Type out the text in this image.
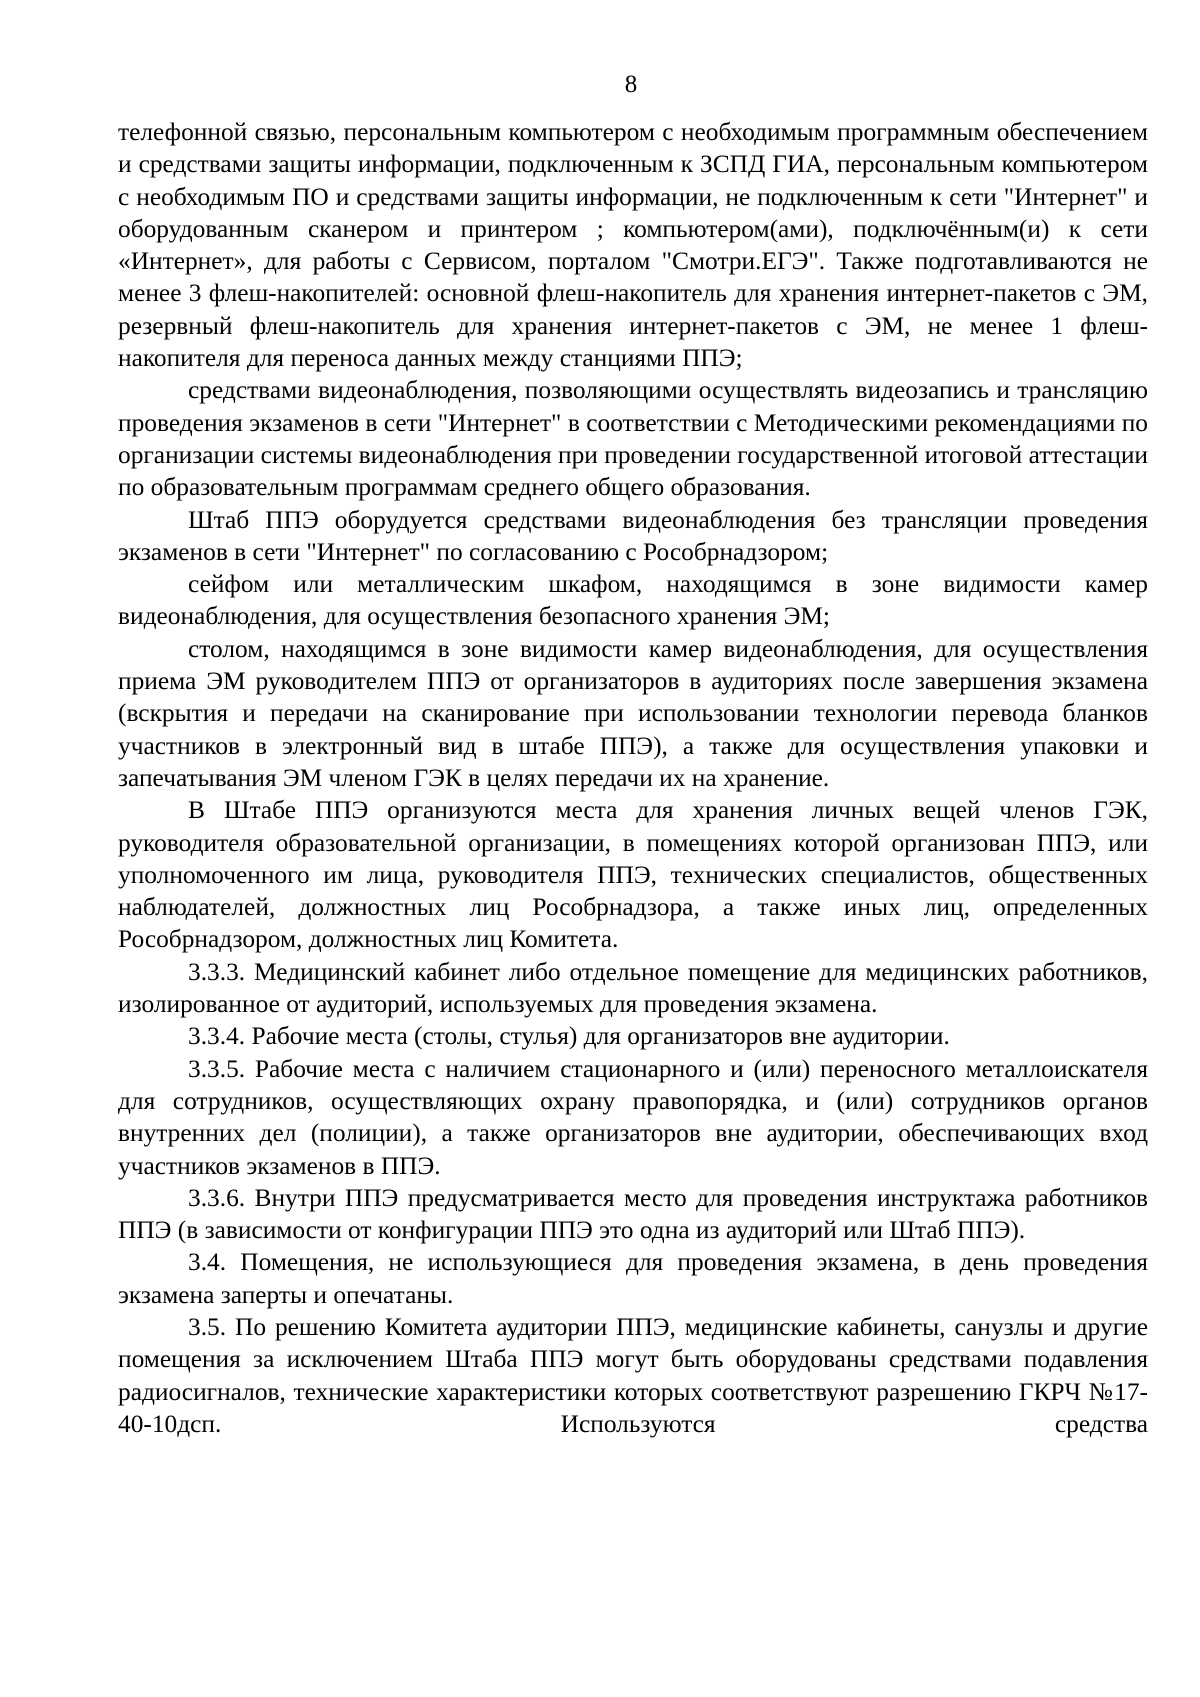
8

телефонной связью, персональным компьютером с необходимым программным обеспечением и средствами защиты информации, подключенным к ЗСПД ГИА, персональным компьютером с необходимым ПО и средствами защиты информации, не подключенным к сети "Интернет" и оборудованным сканером и принтером ; компьютером(ами), подключённым(и) к сети «Интернет», для работы с Сервисом, порталом "Смотри.ЕГЭ". Также подготавливаются не менее 3 флеш-накопителей: основной флеш-накопитель для хранения интернет-пакетов с ЭМ, резервный флеш-накопитель для хранения интернет-пакетов с ЭМ, не менее 1 флеш-накопителя для переноса данных между станциями ППЭ;

средствами видеонаблюдения, позволяющими осуществлять видеозапись и трансляцию проведения экзаменов в сети "Интернет" в соответствии с Методическими рекомендациями по организации системы видеонаблюдения при проведении государственной итоговой аттестации по образовательным программам среднего общего образования.

Штаб ППЭ оборудуется средствами видеонаблюдения без трансляции проведения экзаменов в сети "Интернет" по согласованию с Рособрнадзором;

сейфом или металлическим шкафом, находящимся в зоне видимости камер видеонаблюдения, для осуществления безопасного хранения ЭМ;

столом, находящимся в зоне видимости камер видеонаблюдения, для осуществления приема ЭМ руководителем ППЭ от организаторов в аудиториях после завершения экзамена (вскрытия и передачи на сканирование при использовании технологии перевода бланков участников в электронный вид в штабе ППЭ), а также для осуществления упаковки и запечатывания ЭМ членом ГЭК в целях передачи их на хранение.

В Штабе ППЭ организуются места для хранения личных вещей членов ГЭК, руководителя образовательной организации, в помещениях которой организован ППЭ, или уполномоченного им лица, руководителя ППЭ, технических специалистов, общественных наблюдателей, должностных лиц Рособрнадзора, а также иных лиц, определенных Рособрнадзором, должностных лиц Комитета.

3.3.3. Медицинский кабинет либо отдельное помещение для медицинских работников, изолированное от аудиторий, используемых для проведения экзамена.

3.3.4. Рабочие места (столы, стулья) для организаторов вне аудитории.

3.3.5. Рабочие места с наличием стационарного и (или) переносного металлоискателя для сотрудников, осуществляющих охрану правопорядка, и (или) сотрудников органов внутренних дел (полиции), а также организаторов вне аудитории, обеспечивающих вход участников экзаменов в ППЭ.

3.3.6. Внутри ППЭ предусматривается место для проведения инструктажа работников ППЭ (в зависимости от конфигурации ППЭ это одна из аудиторий или Штаб ППЭ).

3.4. Помещения, не использующиеся для проведения экзамена, в день проведения экзамена заперты и опечатаны.

3.5. По решению Комитета аудитории ППЭ, медицинские кабинеты, санузлы и другие помещения за исключением Штаба ППЭ могут быть оборудованы средствами подавления радиосигналов, технические характеристики которых соответствуют разрешению ГКРЧ №17-40-10дсп. Используются средства
